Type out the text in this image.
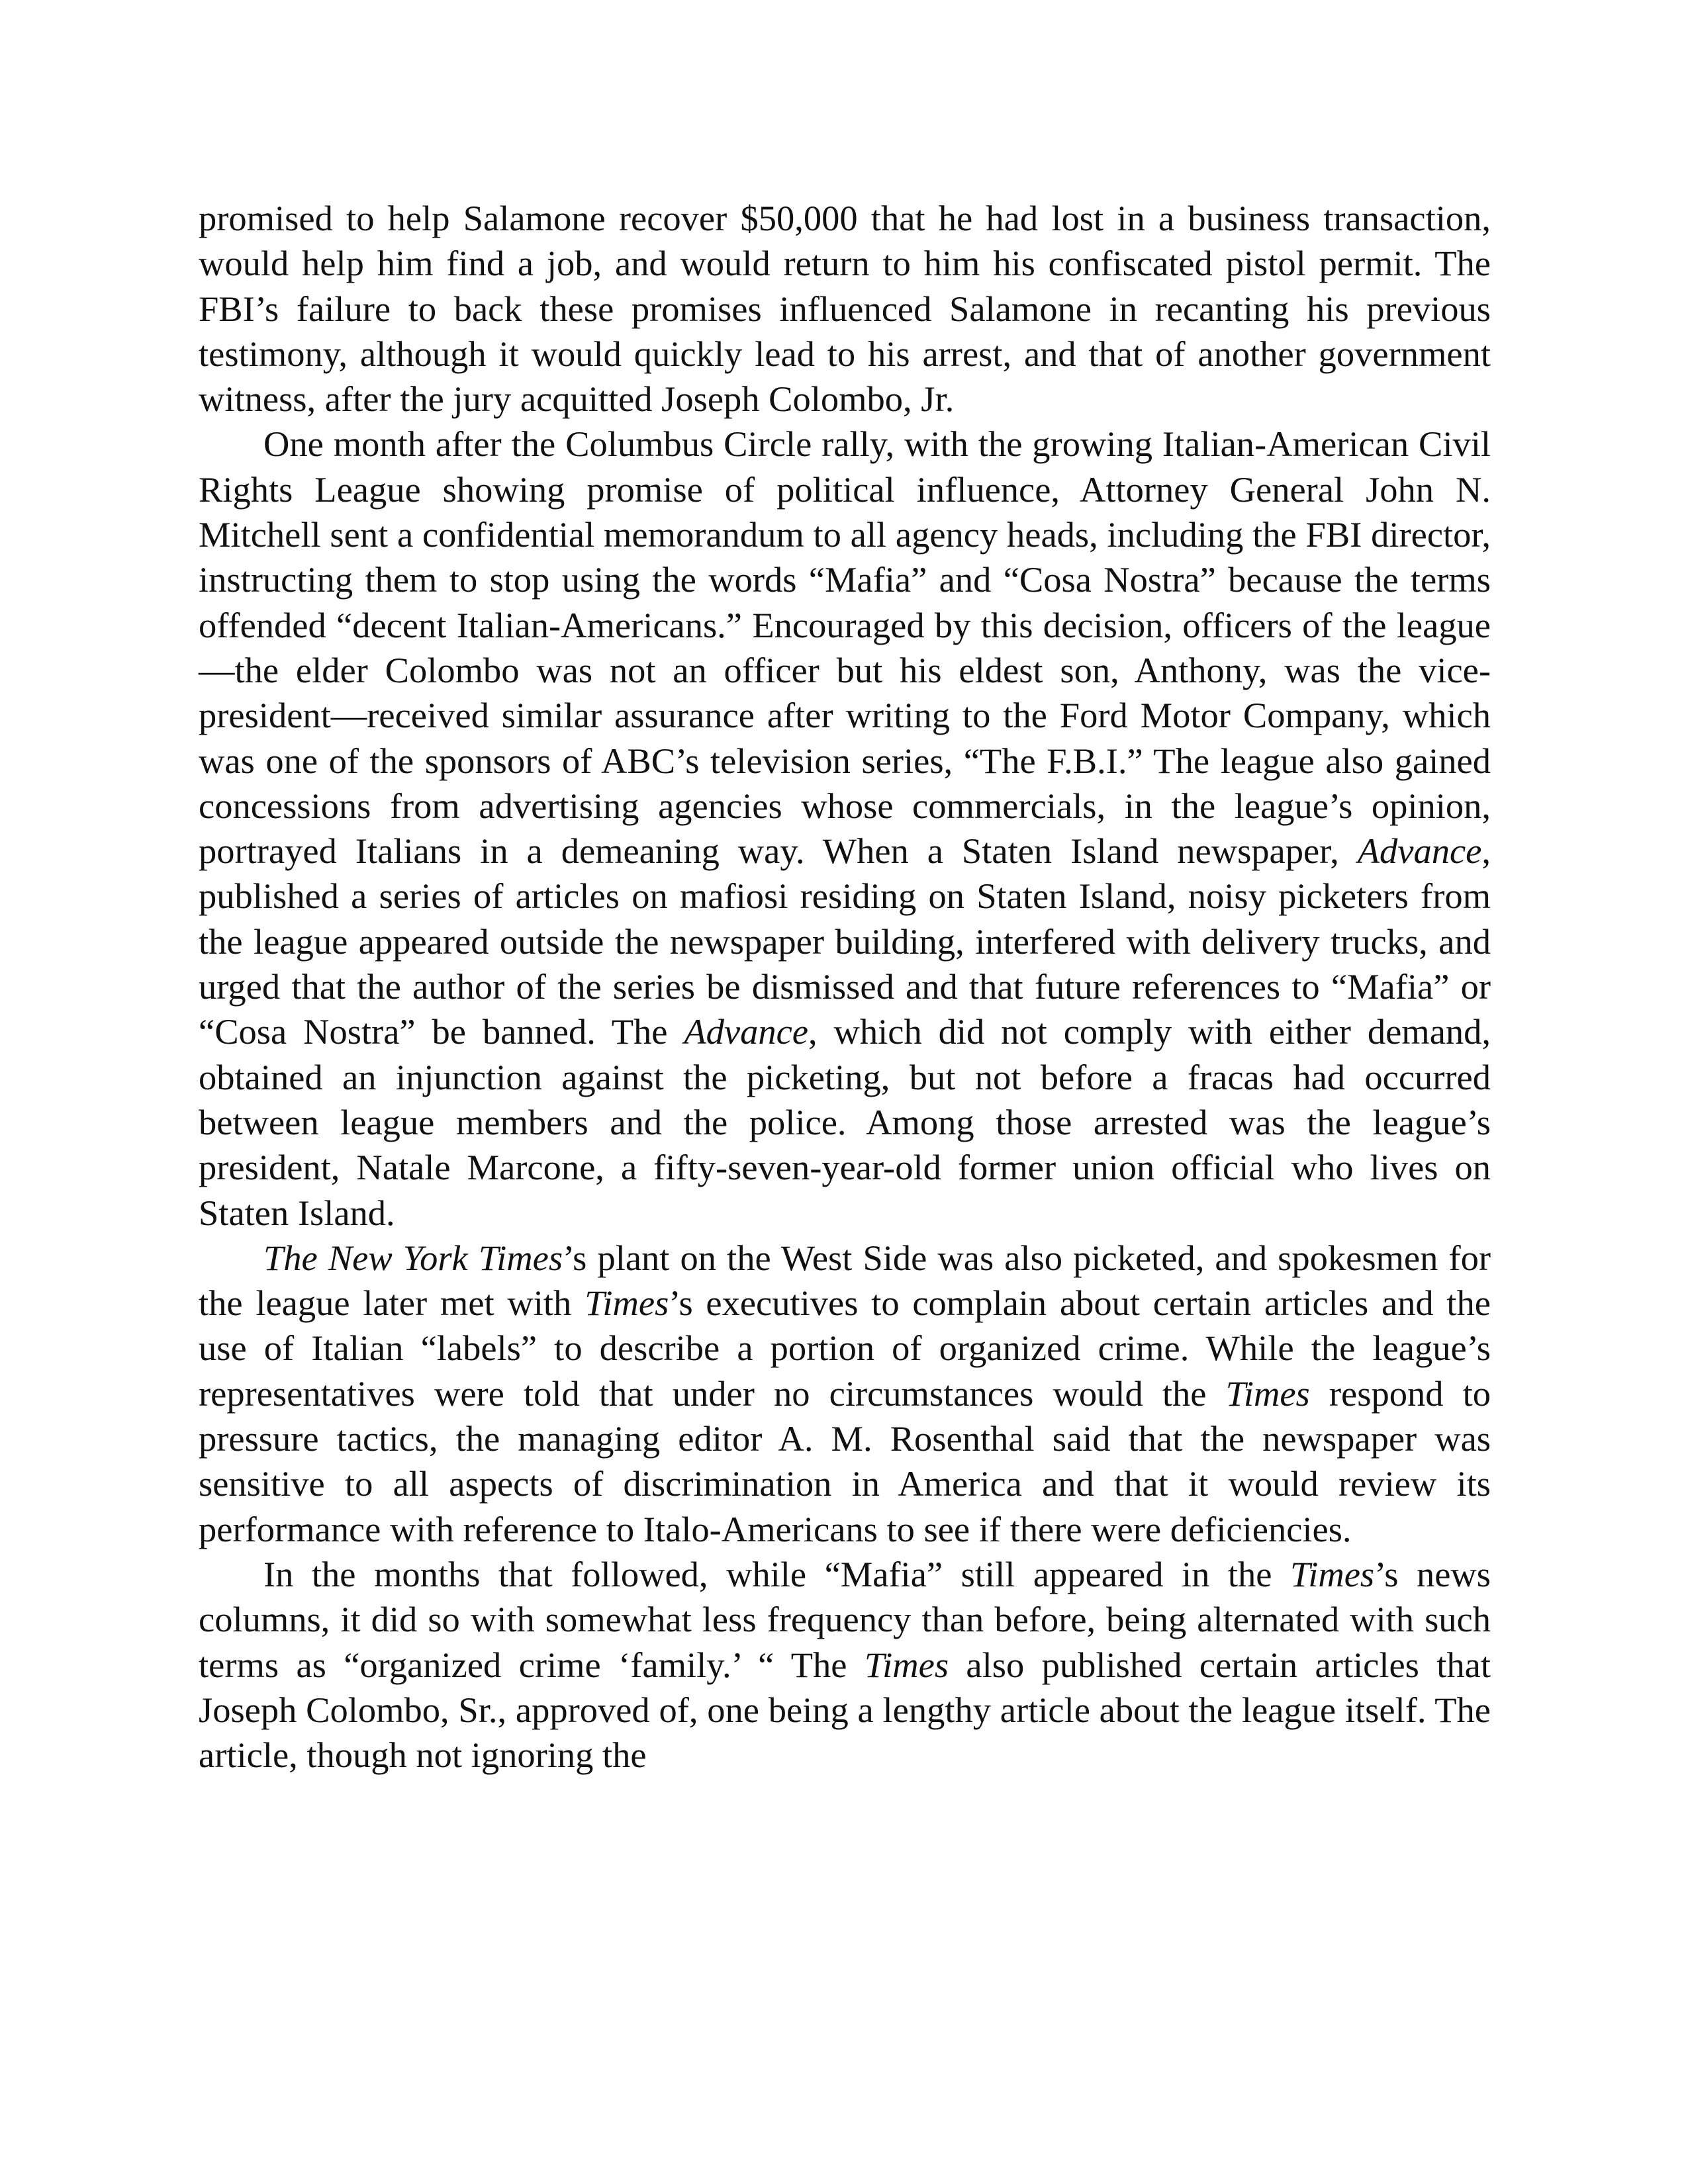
promised to help Salamone recover $50,000 that he had lost in a business transaction, would help him find a job, and would return to him his confiscated pistol permit. The FBI’s failure to back these promises influenced Salamone in recanting his previous testimony, although it would quickly lead to his arrest, and that of another government witness, after the jury acquitted Joseph Colombo, Jr.

One month after the Columbus Circle rally, with the growing Italian-American Civil Rights League showing promise of political influence, Attorney General John N. Mitchell sent a confidential memorandum to all agency heads, including the FBI director, instructing them to stop using the words “Mafia” and “Cosa Nostra” because the terms offended “decent Italian-Americans.” Encouraged by this decision, officers of the league—the elder Colombo was not an officer but his eldest son, Anthony, was the vice-president—received similar assurance after writing to the Ford Motor Company, which was one of the sponsors of ABC’s television series, “The F.B.I.” The league also gained concessions from advertising agencies whose commercials, in the league’s opinion, portrayed Italians in a demeaning way. When a Staten Island newspaper, Advance, published a series of articles on mafiosi residing on Staten Island, noisy picketers from the league appeared outside the newspaper building, interfered with delivery trucks, and urged that the author of the series be dismissed and that future references to “Mafia” or “Cosa Nostra” be banned. The Advance, which did not comply with either demand, obtained an injunction against the picketing, but not before a fracas had occurred between league members and the police. Among those arrested was the league’s president, Natale Marcone, a fifty-seven-year-old former union official who lives on Staten Island.

The New York Times’s plant on the West Side was also picketed, and spokesmen for the league later met with Times’s executives to complain about certain articles and the use of Italian “labels” to describe a portion of organized crime. While the league’s representatives were told that under no circumstances would the Times respond to pressure tactics, the managing editor A. M. Rosenthal said that the newspaper was sensitive to all aspects of discrimination in America and that it would review its performance with reference to Italo-Americans to see if there were deficiencies.

In the months that followed, while “Mafia” still appeared in the Times’s news columns, it did so with somewhat less frequency than before, being alternated with such terms as “organized crime ‘family.’ “ The Times also published certain articles that Joseph Colombo, Sr., approved of, one being a lengthy article about the league itself. The article, though not ignoring the
